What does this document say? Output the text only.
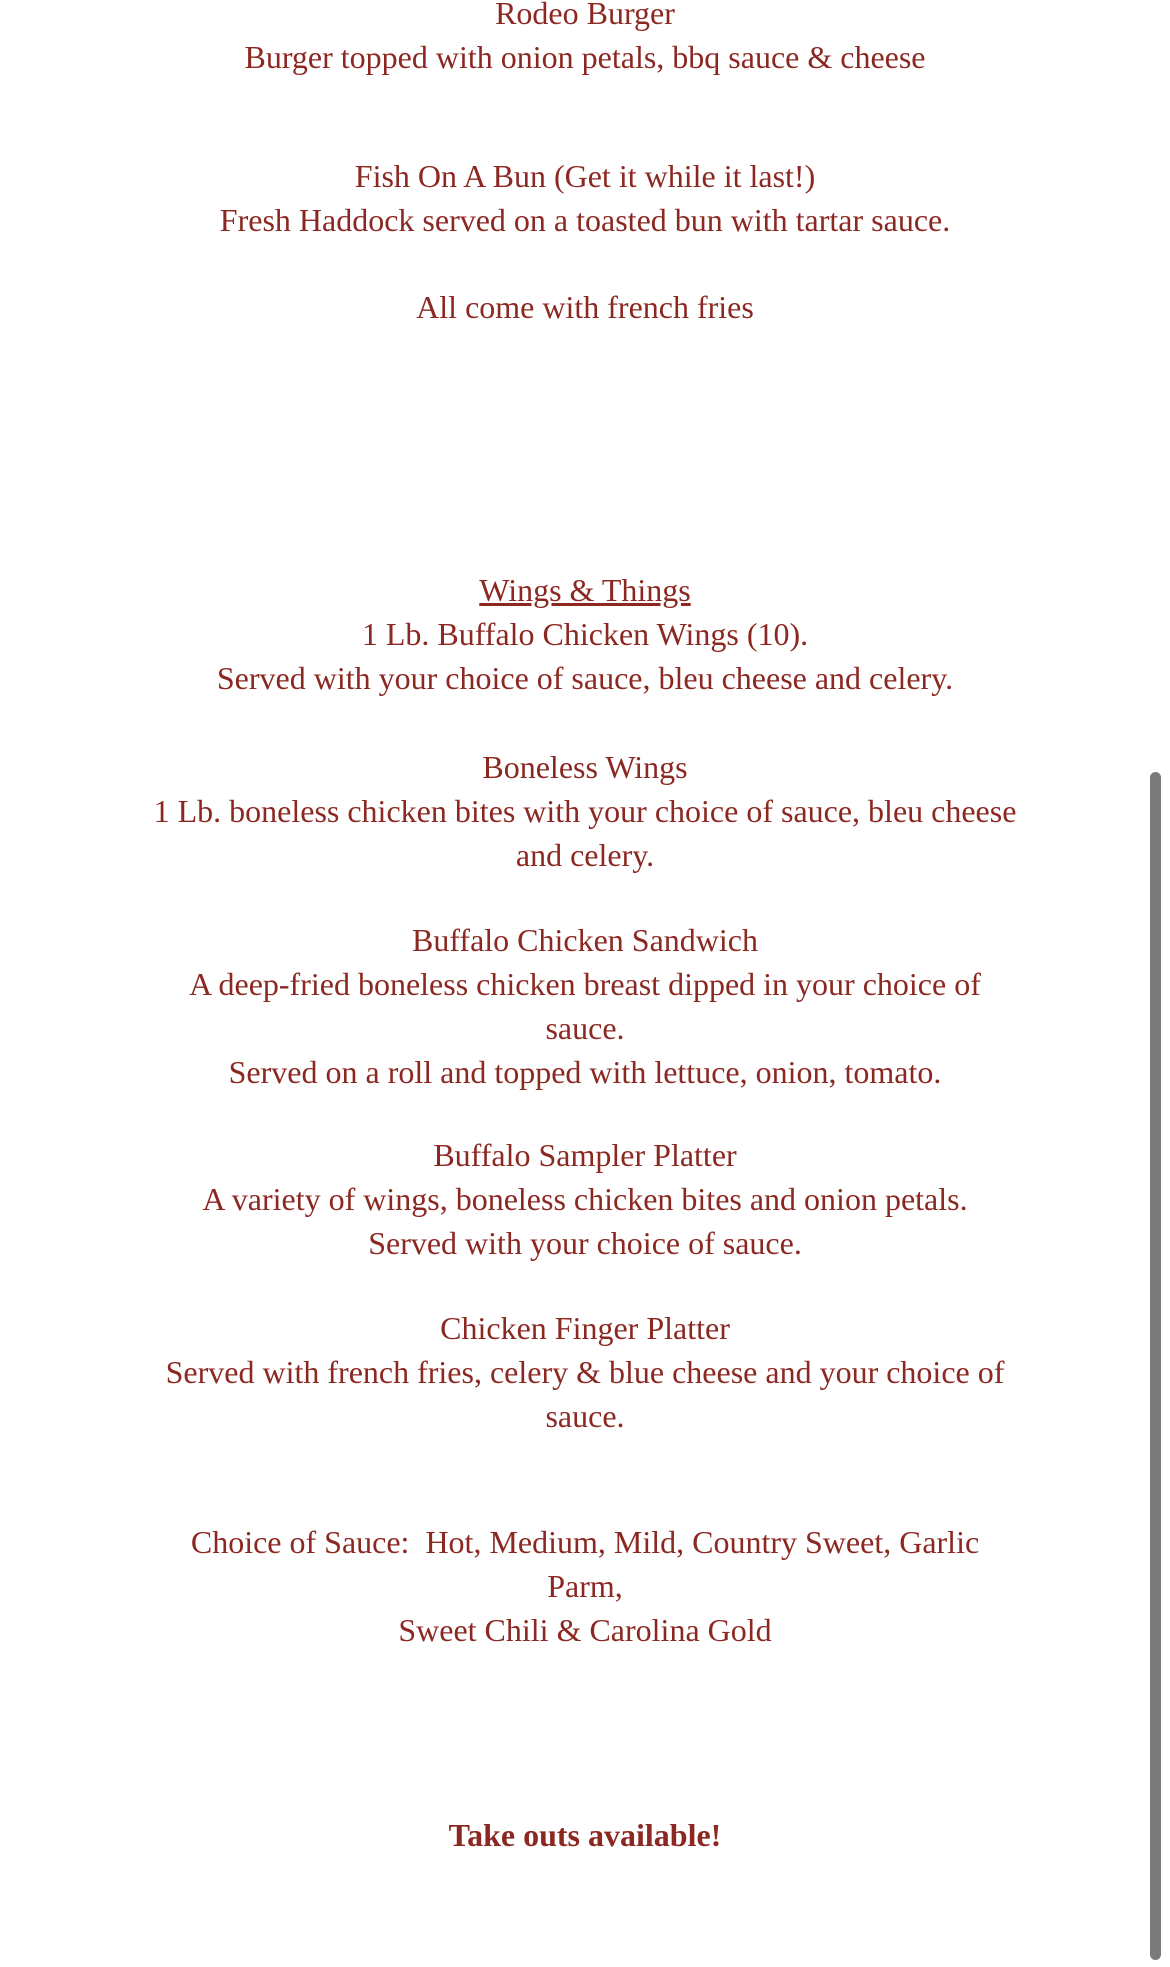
Rodeo Burger
Burger topped with onion petals, bbq sauce & cheese
Fish On A Bun (Get it while it last!)
Fresh Haddock served on a toasted bun with tartar sauce.
All come with french fries
Wings & Things
1 Lb. Buffalo Chicken Wings (10).
Served with your choice of sauce, bleu cheese and celery.
Boneless Wings
1 Lb. boneless chicken bites with your choice of sauce, bleu cheese
and celery.
Buffalo Chicken Sandwich
A deep-fried boneless chicken breast dipped in your choice of
sauce.
Served on a roll and topped with lettuce, onion, tomato.
Buffalo Sampler Platter
A variety of wings, boneless chicken bites and onion petals.
Served with your choice of sauce.
Chicken Finger Platter
Served with french fries, celery & blue cheese and your choice of
sauce.
Choice of Sauce:  Hot, Medium, Mild, Country Sweet, Garlic
Parm,
Sweet Chili & Carolina Gold
Take outs available!
